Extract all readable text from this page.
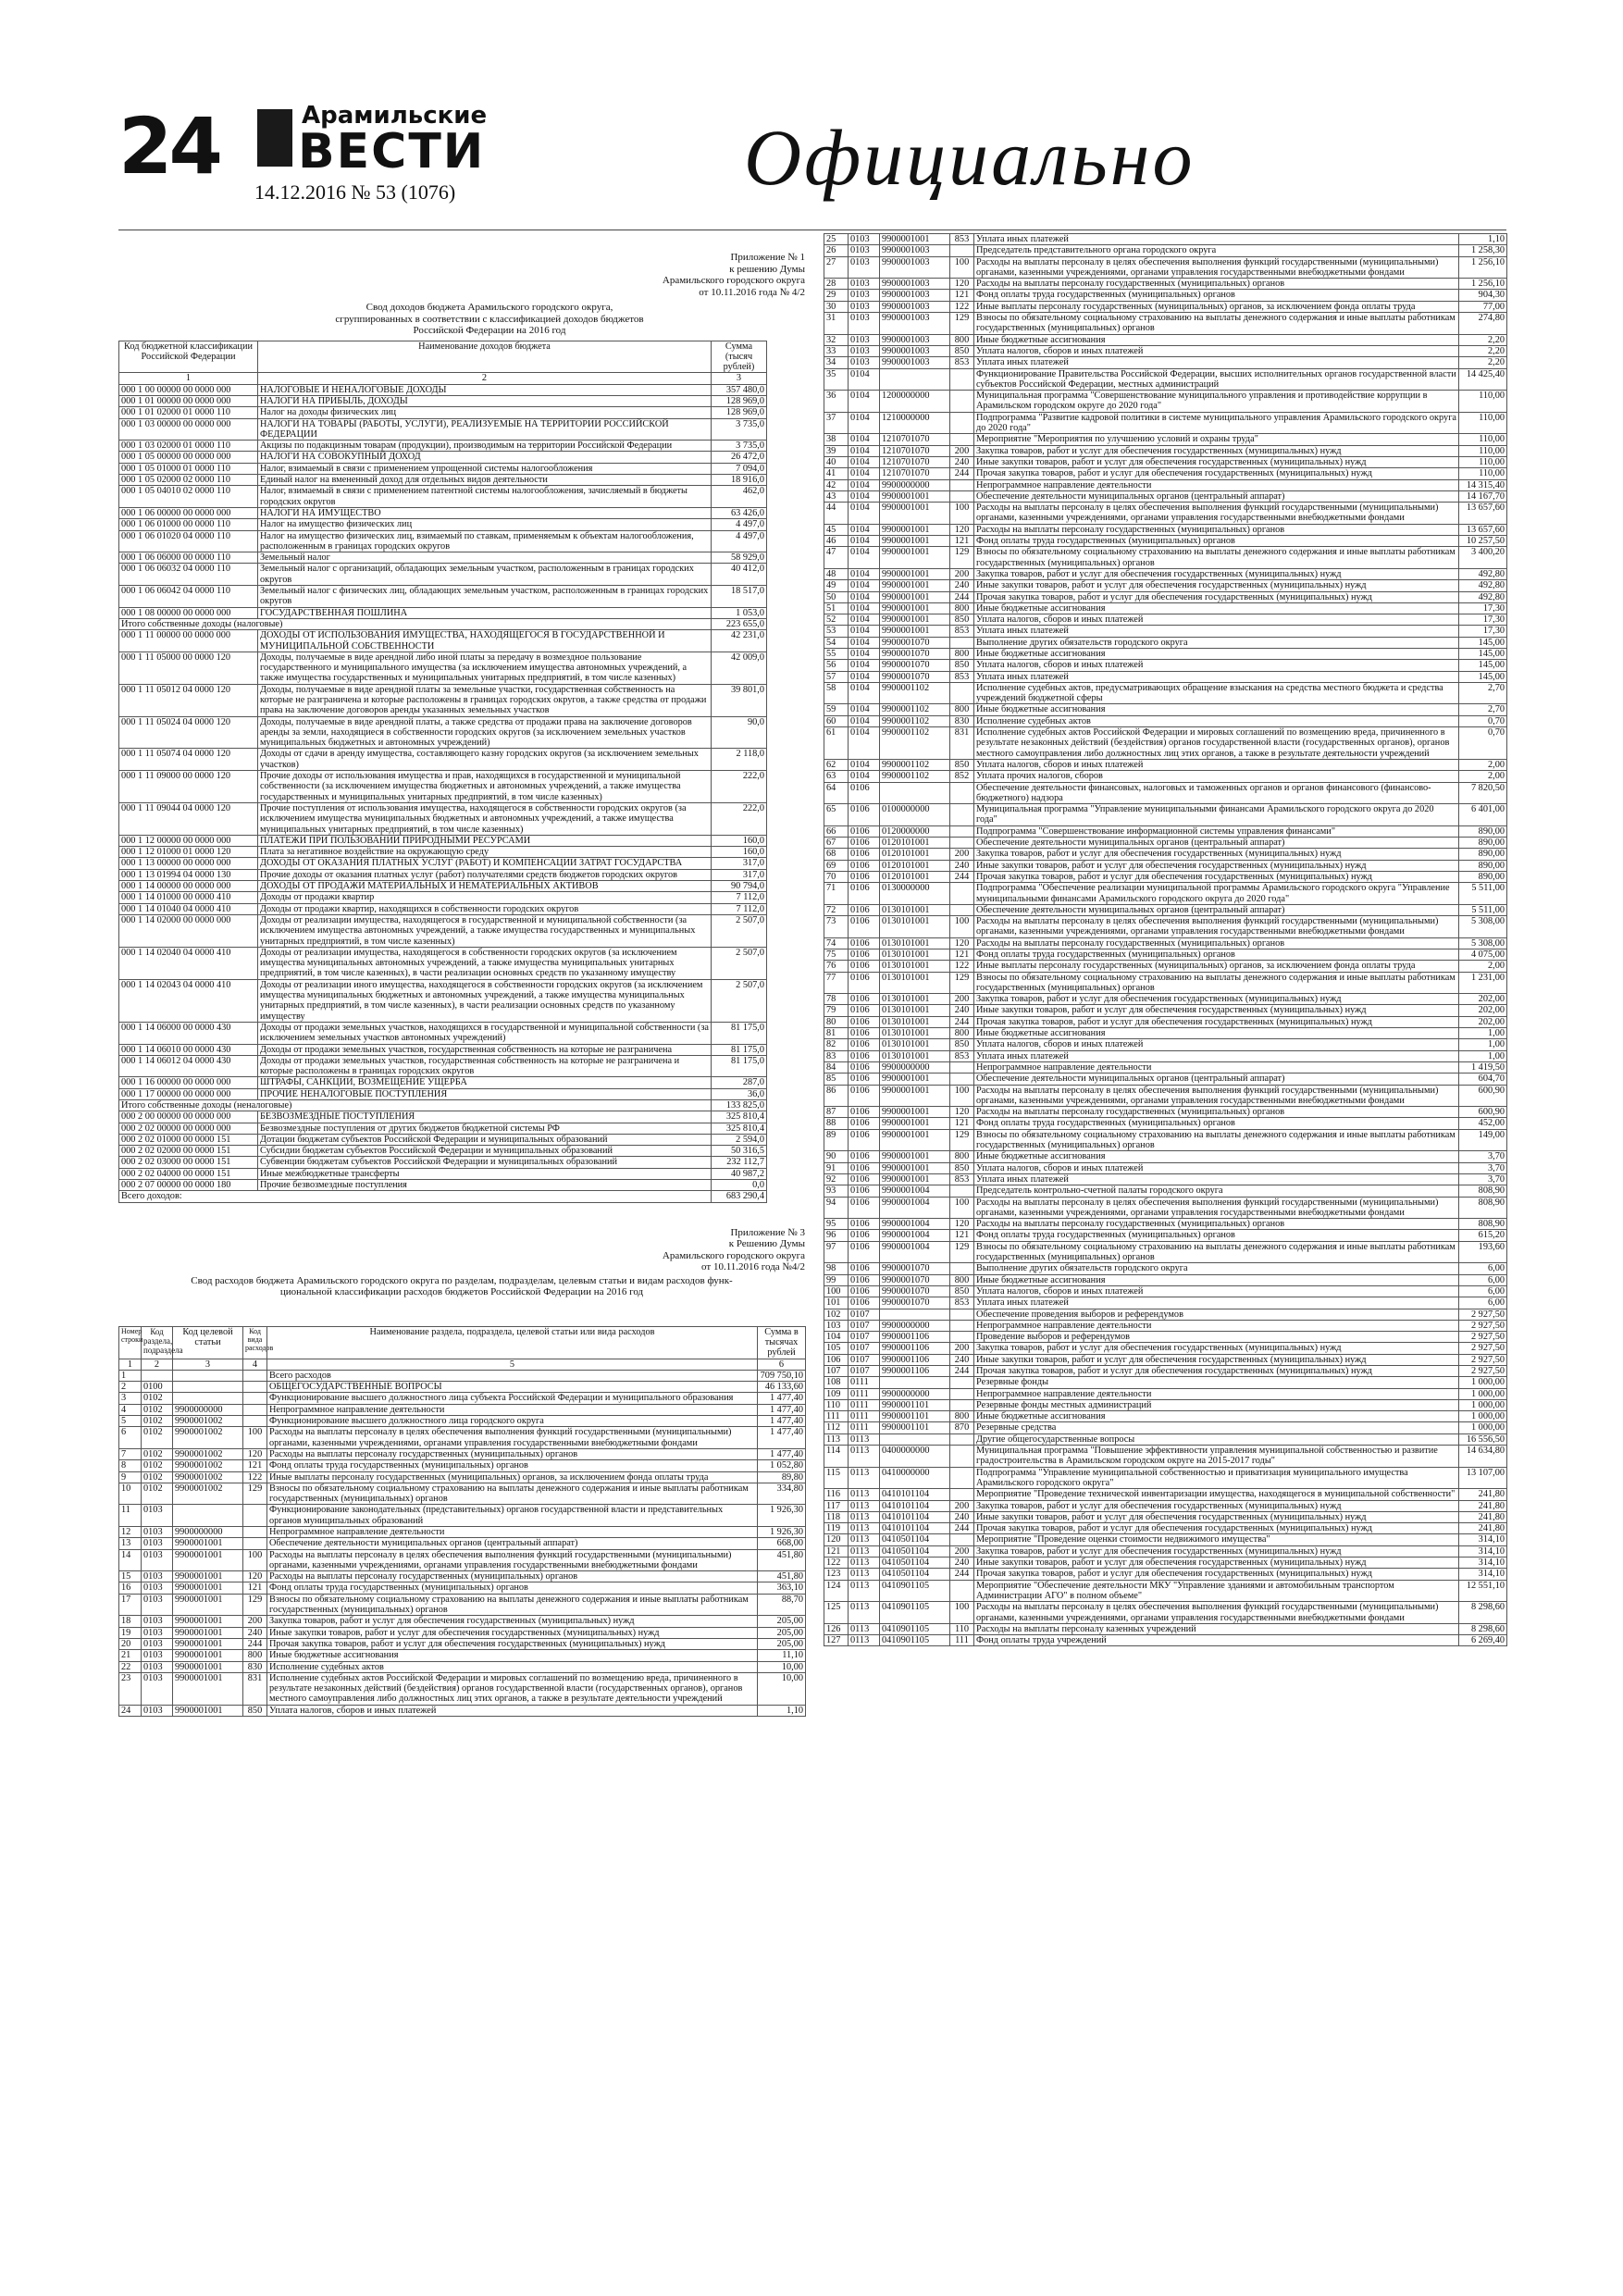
24	Арамильские
ВЕСТИ
14.12.2016 № 53 (1076)	Официально
Приложение № 1
к решению Думы
Арамильского городского округа
от 10.11.2016 года № 4/2
Свод доходов бюджета Арамильского городского округа,
сгруппированных в соответствии с классификацией доходов бюджетов
Российской Федерации на 2016 год
Код бюджетной классификации Российской Федерации	Наименование доходов бюджета	Сумма (тысяч рублей)
1	2	3
000 1 00 00000 00 0000 000	НАЛОГОВЫЕ И НЕНАЛОГОВЫЕ ДОХОДЫ	357 480,0
000 1 01 00000 00 0000 000	НАЛОГИ НА ПРИБЫЛЬ, ДОХОДЫ	128 969,0
000 1 01 02000 01 0000 110	Налог на доходы физических лиц	128 969,0
000 1 03 00000 00 0000 000	НАЛОГИ НА ТОВАРЫ (РАБОТЫ, УСЛУГИ), РЕАЛИЗУЕМЫЕ НА ТЕРРИТОРИИ РОССИЙСКОЙ ФЕДЕРАЦИИ	3 735,0
000 1 03 02000 01 0000 110	Акцизы по подакцизным товарам (продукции), производимым на территории Российской Федерации	3 735,0
000 1 05 00000 00 0000 000	НАЛОГИ НА СОВОКУПНЫЙ ДОХОД	26 472,0
000 1 05 01000 01 0000 110	Налог, взимаемый в связи с применением упрощенной системы налогообложения	7 094,0
000 1 05 02000 02 0000 110	Единый налог на вмененный доход для отдельных видов деятельности	18 916,0
000 1 05 04010 02 0000 110	Налог, взимаемый в связи с применением патентной системы налогообложения, зачисляемый в бюджеты городских округов	462,0
000 1 06 00000 00 0000 000	НАЛОГИ НА ИМУЩЕСТВО	63 426,0
000 1 06 01000 00 0000 110	Налог на имущество физических лиц	4 497,0
000 1 06 01020 04 0000 110	Налог на имущество физических лиц, взимаемый по ставкам, применяемым к объектам налогообложения, расположенным в границах городских округов	4 497,0
000 1 06 06000 00 0000 110	Земельный налог	58 929,0
000 1 06 06032 04 0000 110	Земельный налог с организаций, обладающих земельным участком, расположенным в границах городских округов	40 412,0
000 1 06 06042 04 0000 110	Земельный налог с физических лиц, обладающих земельным участком, расположенным в границах городских округов	18 517,0
000 1 08 00000 00 0000 000	ГОСУДАРСТВЕННАЯ ПОШЛИНА	1 053,0
Итого собственные доходы (налоговые)		223 655,0
000 1 11 00000 00 0000 000	ДОХОДЫ ОТ ИСПОЛЬЗОВАНИЯ ИМУЩЕСТВА, НАХОДЯЩЕГОСЯ В ГОСУДАРСТВЕННОЙ И МУНИЦИПАЛЬНОЙ СОБСТВЕННОСТИ	42 231,0
000 1 11 05000 00 0000 120	Доходы, получаемые в виде арендной либо иной платы за передачу в возмездное пользование государственного и муниципального имущества (за исключением имущества автономных учреждений, а также имущества государственных и муниципальных унитарных предприятий, в том числе казенных)	42 009,0
000 1 11 05012 04 0000 120	Доходы, получаемые в виде арендной платы за земельные участки, государственная собственность на которые не разграничена и которые расположены в границах городских округов, а также средства от продажи права на заключение договоров аренды указанных земельных участков	39 801,0
000 1 11 05024 04 0000 120	Доходы, получаемые в виде арендной платы, а также средства от продажи права на заключение договоров аренды за земли, находящиеся в собственности городских округов (за исключением земельных участков муниципальных бюджетных и автономных учреждений)	90,0
000 1 11 05074 04 0000 120	Доходы от сдачи в аренду имущества, составляющего казну городских округов (за исключением земельных участков)	2 118,0
000 1 11 09000 00 0000 120	Прочие доходы от использования имущества и прав, находящихся в государственной и муниципальной собственности (за исключением имущества бюджетных и автономных учреждений, а также имущества государственных и муниципальных унитарных предприятий, в том числе казенных)	222,0
000 1 11 09044 04 0000 120	Прочие поступления от использования имущества, находящегося в собственности городских округов (за исключением имущества муниципальных бюджетных и автономных учреждений, а также имущества муниципальных унитарных предприятий, в том числе казенных)	222,0
000 1 12 00000 00 0000 000	ПЛАТЕЖИ ПРИ ПОЛЬЗОВАНИИ ПРИРОДНЫМИ РЕСУРСАМИ	160,0
000 1 12 01000 01 0000 120	Плата за негативное воздействие на окружающую среду	160,0
000 1 13 00000 00 0000 000	ДОХОДЫ ОТ ОКАЗАНИЯ ПЛАТНЫХ УСЛУГ (РАБОТ) И КОМПЕНСАЦИИ ЗАТРАТ ГОСУДАРСТВА	317,0
000 1 13 01994 04 0000 130	Прочие доходы от оказания платных услуг (работ) получателями средств бюджетов городских округов	317,0
000 1 14 00000 00 0000 000	ДОХОДЫ ОТ ПРОДАЖИ МАТЕРИАЛЬНЫХ И НЕМАТЕРИАЛЬНЫХ АКТИВОВ	90 794,0
000 1 14 01000 00 0000 410	Доходы от продажи квартир	7 112,0
000 1 14 01040 04 0000 410	Доходы от продажи квартир, находящихся в собственности городских округов	7 112,0
000 1 14 02000 00 0000 000	Доходы от реализации имущества, находящегося в государственной и муниципальной собственности (за исключением имущества автономных учреждений, а также имущества государственных и муниципальных унитарных предприятий, в том числе казенных)	2 507,0
000 1 14 02040 04 0000 410	Доходы от реализации имущества, находящегося в собственности городских округов (за исключением имущества муниципальных автономных учреждений, а также имущества муниципальных унитарных предприятий, в том числе казенных), в части реализации основных средств по указанному имуществу	2 507,0
000 1 14 02043 04 0000 410	Доходы от реализации иного имущества, находящегося в собственности городских округов (за исключением имущества муниципальных бюджетных и автономных учреждений, а также имущества муниципальных унитарных предприятий, в том числе казенных), в части реализации основных средств по указанному имуществу	2 507,0
000 1 14 06000 00 0000 430	Доходы от продажи земельных участков, находящихся в государственной и муниципальной собственности (за исключением земельных участков автономных учреждений)	81 175,0
000 1 14 06010 00 0000 430	Доходы от продажи земельных участков, государственная собственность на которые не разграничена	81 175,0
000 1 14 06012 04 0000 430	Доходы от продажи земельных участков, государственная собственность на которые не разграничена и которые расположены в границах городских округов	81 175,0
000 1 16 00000 00 0000 000	ШТРАФЫ, САНКЦИИ, ВОЗМЕЩЕНИЕ УЩЕРБА	287,0
000 1 17 00000 00 0000 000	ПРОЧИЕ НЕНАЛОГОВЫЕ ПОСТУПЛЕНИЯ	36,0
Итого собственные доходы (неналоговые)		133 825,0
000 2 00 00000 00 0000 000	БЕЗВОЗМЕЗДНЫЕ ПОСТУПЛЕНИЯ	325 810,4
000 2 02 00000 00 0000 000	Безвозмездные поступления от других бюджетов бюджетной системы РФ	325 810,4
000 2 02 01000 00 0000 151	Дотации бюджетам субъектов Российской Федерации и муниципальных образований	2 594,0
000 2 02 02000 00 0000 151	Субсидии бюджетам субъектов Российской Федерации и муниципальных образований	50 316,5
000 2 02 03000 00 0000 151	Субвенции бюджетам субъектов Российской Федерации и муниципальных образований	232 112,7
000 2 02 04000 00 0000 151	Иные межбюджетные трансферты	40 987,2
000 2 07 00000 00 0000 180	Прочие безвозмездные поступления	0,0
Всего доходов:		683 290,4
Приложение № 3
к Решению Думы
Арамильского городского округа
от 10.11.2016 года №4/2
Свод расходов бюджета Арамильского городского округа по разделам, подразделам, целевым статьи и видам расходов функ-
циональной классификации расходов бюджетов Российской Федерации на 2016 год
Номер строки	Код раздела, подраздела	Код целевой статьи	Код вида расходов	Наименование раздела, подраздела, целевой статьи или вида расходов	Сумма в тысячах рублей
1	2	3	4	5	6
1				Всего расходов	709 750,10
2	0100			ОБЩЕГОСУДАРСТВЕННЫЕ ВОПРОСЫ	46 133,60
3	0102			Функционирование высшего должностного лица субъекта Российской Федерации и муниципального образования	1 477,40
4	0102	9900000000		Непрограммное направление деятельности	1 477,40
5	0102	9900001002		Функционирование высшего должностного лица городского округа	1 477,40
6	0102	9900001002	100	Расходы на выплаты персоналу в целях обеспечения выполнения функций государственными (муниципальными) органами, казенными учреждениями, органами управления государственными внебюджетными фондами	1 477,40
7	0102	9900001002	120	Расходы на выплаты персоналу государственных (муниципальных) органов	1 477,40
8	0102	9900001002	121	Фонд оплаты труда государственных (муниципальных) органов	1 052,80
9	0102	9900001002	122	Иные выплаты персоналу государственных (муниципальных) органов, за исключением фонда оплаты труда	89,80
10	0102	9900001002	129	Взносы по обязательному социальному страхованию на выплаты денежного содержания и иные выплаты работникам государственных (муниципальных) органов	334,80
11	0103			Функционирование законодательных (представительных) органов государственной власти и представительных органов муниципальных образований	1 926,30
12	0103	9900000000		Непрограммное направление деятельности	1 926,30
13	0103	9900001001		Обеспечение деятельности муниципальных органов (центральный аппарат)	668,00
14	0103	9900001001	100	Расходы на выплаты персоналу в целях обеспечения выполнения функций государственными (муниципальными) органами, казенными учреждениями, органами управления государственными внебюджетными фондами	451,80
15	0103	9900001001	120	Расходы на выплаты персоналу государственных (муниципальных) органов	451,80
16	0103	9900001001	121	Фонд оплаты труда государственных (муниципальных) органов	363,10
17	0103	9900001001	129	Взносы по обязательному социальному страхованию на выплаты денежного содержания и иные выплаты работникам государственных (муниципальных) органов	88,70
18	0103	9900001001	200	Закупка товаров, работ и услуг для обеспечения государственных (муниципальных) нужд	205,00
19	0103	9900001001	240	Иные закупки товаров, работ и услуг для обеспечения государственных (муниципальных) нужд	205,00
20	0103	9900001001	244	Прочая закупка товаров, работ и услуг для обеспечения государственных (муниципальных) нужд	205,00
21	0103	9900001001	800	Иные бюджетные ассигнования	11,10
22	0103	9900001001	830	Исполнение судебных актов	10,00
23	0103	9900001001	831	Исполнение судебных актов Российской Федерации и мировых соглашений по возмещению вреда, причиненного в результате незаконных действий (бездействия) органов государственной власти (государственных органов), органов местного самоуправления либо должностных лиц этих органов, а также в результате деятельности учреждений	10,00
24	0103	9900001001	850	Уплата налогов, сборов и иных платежей	1,10
25	0103	9900001001	853	Уплата иных платежей	1,10
26	0103	9900001003		Председатель представительного органа городского округа	1 258,30
27	0103	9900001003	100	Расходы на выплаты персоналу в целях обеспечения выполнения функций государственными (муниципальными) органами, казенными учреждениями, органами управления государственными внебюджетными фондами	1 256,10
28	0103	9900001003	120	Расходы на выплаты персоналу государственных (муниципальных) органов	1 256,10
29	0103	9900001003	121	Фонд оплаты труда государственных (муниципальных) органов	904,30
30	0103	9900001003	122	Иные выплаты персоналу государственных (муниципальных) органов, за исключением фонда оплаты труда	77,00
31	0103	9900001003	129	Взносы по обязательному социальному страхованию на выплаты денежного содержания и иные выплаты работникам государственных (муниципальных) органов	274,80
32	0103	9900001003	800	Иные бюджетные ассигнования	2,20
33	0103	9900001003	850	Уплата налогов, сборов и иных платежей	2,20
34	0103	9900001003	853	Уплата иных платежей	2,20
35	0104			Функционирование Правительства Российской Федерации, высших исполнительных органов государственной власти субъектов Российской Федерации, местных администраций	14 425,40
36	0104	1200000000		Муниципальная программа "Совершенствование муниципального управления и противодействие коррупции в Арамильском городском округе до 2020 года"	110,00
37	0104	1210000000		Подпрограмма "Развитие кадровой политики в системе муниципального управления Арамильского городского округа до 2020 года"	110,00
38	0104	1210701070		Мероприятие "Мероприятия по улучшению условий и охраны труда"	110,00
39	0104	1210701070	200	Закупка товаров, работ и услуг для обеспечения государственных (муниципальных) нужд	110,00
40	0104	1210701070	240	Иные закупки товаров, работ и услуг для обеспечения государственных (муниципальных) нужд	110,00
41	0104	1210701070	244	Прочая закупка товаров, работ и услуг для обеспечения государственных (муниципальных) нужд	110,00
42	0104	9900000000		Непрограммное направление деятельности	14 315,40
43	0104	9900001001		Обеспечение деятельности муниципальных органов (центральный аппарат)	14 167,70
44	0104	9900001001	100	Расходы на выплаты персоналу в целях обеспечения выполнения функций государственными (муниципальными) органами, казенными учреждениями, органами управления государственными внебюджетными фондами	13 657,60
45	0104	9900001001	120	Расходы на выплаты персоналу государственных (муниципальных) органов	13 657,60
46	0104	9900001001	121	Фонд оплаты труда государственных (муниципальных) органов	10 257,50
47	0104	9900001001	129	Взносы по обязательному социальному страхованию на выплаты денежного содержания и иные выплаты работникам государственных (муниципальных) органов	3 400,20
48	0104	9900001001	200	Закупка товаров, работ и услуг для обеспечения государственных (муниципальных) нужд	492,80
49	0104	9900001001	240	Иные закупки товаров, работ и услуг для обеспечения государственных (муниципальных) нужд	492,80
50	0104	9900001001	244	Прочая закупка товаров, работ и услуг для обеспечения государственных (муниципальных) нужд	492,80
51	0104	9900001001	800	Иные бюджетные ассигнования	17,30
52	0104	9900001001	850	Уплата налогов, сборов и иных платежей	17,30
53	0104	9900001001	853	Уплата иных платежей	17,30
54	0104	9900001070		Выполнение других обязательств городского округа	145,00
55	0104	9900001070	800	Иные бюджетные ассигнования	145,00
56	0104	9900001070	850	Уплата налогов, сборов и иных платежей	145,00
57	0104	9900001070	853	Уплата иных платежей	145,00
58	0104	9900001102		Исполнение судебных актов, предусматривающих обращение взыскания на средства местного бюджета и средства учреждений бюджетной сферы	2,70
59	0104	9900001102	800	Иные бюджетные ассигнования	2,70
60	0104	9900001102	830	Исполнение судебных актов	0,70
61	0104	9900001102	831	Исполнение судебных актов Российской Федерации и мировых соглашений по возмещению вреда, причиненного в результате незаконных действий (бездействия) органов государственной власти (государственных органов), органов местного самоуправления либо должностных лиц этих органов, а также в результате деятельности учреждений	0,70
62	0104	9900001102	850	Уплата налогов, сборов и иных платежей	2,00
63	0104	9900001102	852	Уплата прочих налогов, сборов	2,00
64	0106			Обеспечение деятельности финансовых, налоговых и таможенных органов и органов финансового (финансово-бюджетного) надзора	7 820,50
65	0106	0100000000		Муниципальная программа "Управление муниципальными финансами Арамильского городского округа до 2020 года"	6 401,00
66	0106	0120000000		Подпрограмма "Совершенствование информационной системы управления финансами"	890,00
67	0106	0120101001		Обеспечение деятельности муниципальных органов (центральный аппарат)	890,00
68	0106	0120101001	200	Закупка товаров, работ и услуг для обеспечения государственных (муниципальных) нужд	890,00
69	0106	0120101001	240	Иные закупки товаров, работ и услуг для обеспечения государственных (муниципальных) нужд	890,00
70	0106	0120101001	244	Прочая закупка товаров, работ и услуг для обеспечения государственных (муниципальных) нужд	890,00
71	0106	0130000000		Подпрограмма "Обеспечение реализации муниципальной программы Арамильского городского округа "Управление муниципальными финансами Арамильского городского округа до 2020 года"	5 511,00
72	0106	0130101001		Обеспечение деятельности муниципальных органов (центральный аппарат)	5 511,00
73	0106	0130101001	100	Расходы на выплаты персоналу в целях обеспечения выполнения функций государственными (муниципальными) органами, казенными учреждениями, органами управления государственными внебюджетными фондами	5 308,00
74	0106	0130101001	120	Расходы на выплаты персоналу государственных (муниципальных) органов	5 308,00
75	0106	0130101001	121	Фонд оплаты труда государственных (муниципальных) органов	4 075,00
76	0106	0130101001	122	Иные выплаты персоналу государственных (муниципальных) органов, за исключением фонда оплаты труда	2,00
77	0106	0130101001	129	Взносы по обязательному социальному страхованию на выплаты денежного содержания и иные выплаты работникам государственных (муниципальных) органов	1 231,00
78	0106	0130101001	200	Закупка товаров, работ и услуг для обеспечения государственных (муниципальных) нужд	202,00
79	0106	0130101001	240	Иные закупки товаров, работ и услуг для обеспечения государственных (муниципальных) нужд	202,00
80	0106	0130101001	244	Прочая закупка товаров, работ и услуг для обеспечения государственных (муниципальных) нужд	202,00
81	0106	0130101001	800	Иные бюджетные ассигнования	1,00
82	0106	0130101001	850	Уплата налогов, сборов и иных платежей	1,00
83	0106	0130101001	853	Уплата иных платежей	1,00
84	0106	9900000000		Непрограммное направление деятельности	1 419,50
85	0106	9900001001		Обеспечение деятельности муниципальных органов (центральный аппарат)	604,70
86	0106	9900001001	100	Расходы на выплаты персоналу в целях обеспечения выполнения функций государственными (муниципальными) органами, казенными учреждениями, органами управления государственными внебюджетными фондами	600,90
87	0106	9900001001	120	Расходы на выплаты персоналу государственных (муниципальных) органов	600,90
88	0106	9900001001	121	Фонд оплаты труда государственных (муниципальных) органов	452,00
89	0106	9900001001	129	Взносы по обязательному социальному страхованию на выплаты денежного содержания и иные выплаты работникам государственных (муниципальных) органов	149,00
90	0106	9900001001	800	Иные бюджетные ассигнования	3,70
91	0106	9900001001	850	Уплата налогов, сборов и иных платежей	3,70
92	0106	9900001001	853	Уплата иных платежей	3,70
93	0106	9900001004		Председатель контрольно-счетной палаты городского округа	808,90
94	0106	9900001004	100	Расходы на выплаты персоналу в целях обеспечения выполнения функций государственными (муниципальными) органами, казенными учреждениями, органами управления государственными внебюджетными фондами	808,90
95	0106	9900001004	120	Расходы на выплаты персоналу государственных (муниципальных) органов	808,90
96	0106	9900001004	121	Фонд оплаты труда государственных (муниципальных) органов	615,20
97	0106	9900001004	129	Взносы по обязательному социальному страхованию на выплаты денежного содержания и иные выплаты работникам государственных (муниципальных) органов	193,60
98	0106	9900001070		Выполнение других обязательств городского округа	6,00
99	0106	9900001070	800	Иные бюджетные ассигнования	6,00
100	0106	9900001070	850	Уплата налогов, сборов и иных платежей	6,00
101	0106	9900001070	853	Уплата иных платежей	6,00
102	0107			Обеспечение проведения выборов и референдумов	2 927,50
103	0107	9900000000		Непрограммное направление деятельности	2 927,50
104	0107	9900001106		Проведение выборов и референдумов	2 927,50
105	0107	9900001106	200	Закупка товаров, работ и услуг для обеспечения государственных (муниципальных) нужд	2 927,50
106	0107	9900001106	240	Иные закупки товаров, работ и услуг для обеспечения государственных (муниципальных) нужд	2 927,50
107	0107	9900001106	244	Прочая закупка товаров, работ и услуг для обеспечения государственных (муниципальных) нужд	2 927,50
108	0111			Резервные фонды	1 000,00
109	0111	9900000000		Непрограммное направление деятельности	1 000,00
110	0111	9900001101		Резервные фонды местных администраций	1 000,00
111	0111	9900001101	800	Иные бюджетные ассигнования	1 000,00
112	0111	9900001101	870	Резервные средства	1 000,00
113	0113			Другие общегосударственные вопросы	16 556,50
114	0113	0400000000		Муниципальная программа "Повышение эффективности управления муниципальной собственностью и развитие градостроительства в Арамильском городском округе на 2015-2017 годы"	14 634,80
115	0113	0410000000		Подпрограмма "Управление муниципальной собственностью и приватизация муниципального имущества Арамильского городского округа"	13 107,00
116	0113	0410101104		Мероприятие "Проведение технической инвентаризации имущества, находящегося в муниципальной собственности"	241,80
117	0113	0410101104	200	Закупка товаров, работ и услуг для обеспечения государственных (муниципальных) нужд	241,80
118	0113	0410101104	240	Иные закупки товаров, работ и услуг для обеспечения государственных (муниципальных) нужд	241,80
119	0113	0410101104	244	Прочая закупка товаров, работ и услуг для обеспечения государственных (муниципальных) нужд	241,80
120	0113	0410501104		Мероприятие "Проведение оценки стоимости недвижимого имущества"	314,10
121	0113	0410501104	200	Закупка товаров, работ и услуг для обеспечения государственных (муниципальных) нужд	314,10
122	0113	0410501104	240	Иные закупки товаров, работ и услуг для обеспечения государственных (муниципальных) нужд	314,10
123	0113	0410501104	244	Прочая закупка товаров, работ и услуг для обеспечения государственных (муниципальных) нужд	314,10
124	0113	0410901105		Мероприятие "Обеспечение деятельности МКУ "Управление зданиями и автомобильным транспортом Администрации АГО" в полном объеме"	12 551,10
125	0113	0410901105	100	Расходы на выплаты персоналу в целях обеспечения выполнения функций государственными (муниципальными) органами, казенными учреждениями, органами управления государственными внебюджетными фондами	8 298,60
126	0113	0410901105	110	Расходы на выплаты персоналу казенных учреждений	8 298,60
127	0113	0410901105	111	Фонд оплаты труда учреждений	6 269,40
